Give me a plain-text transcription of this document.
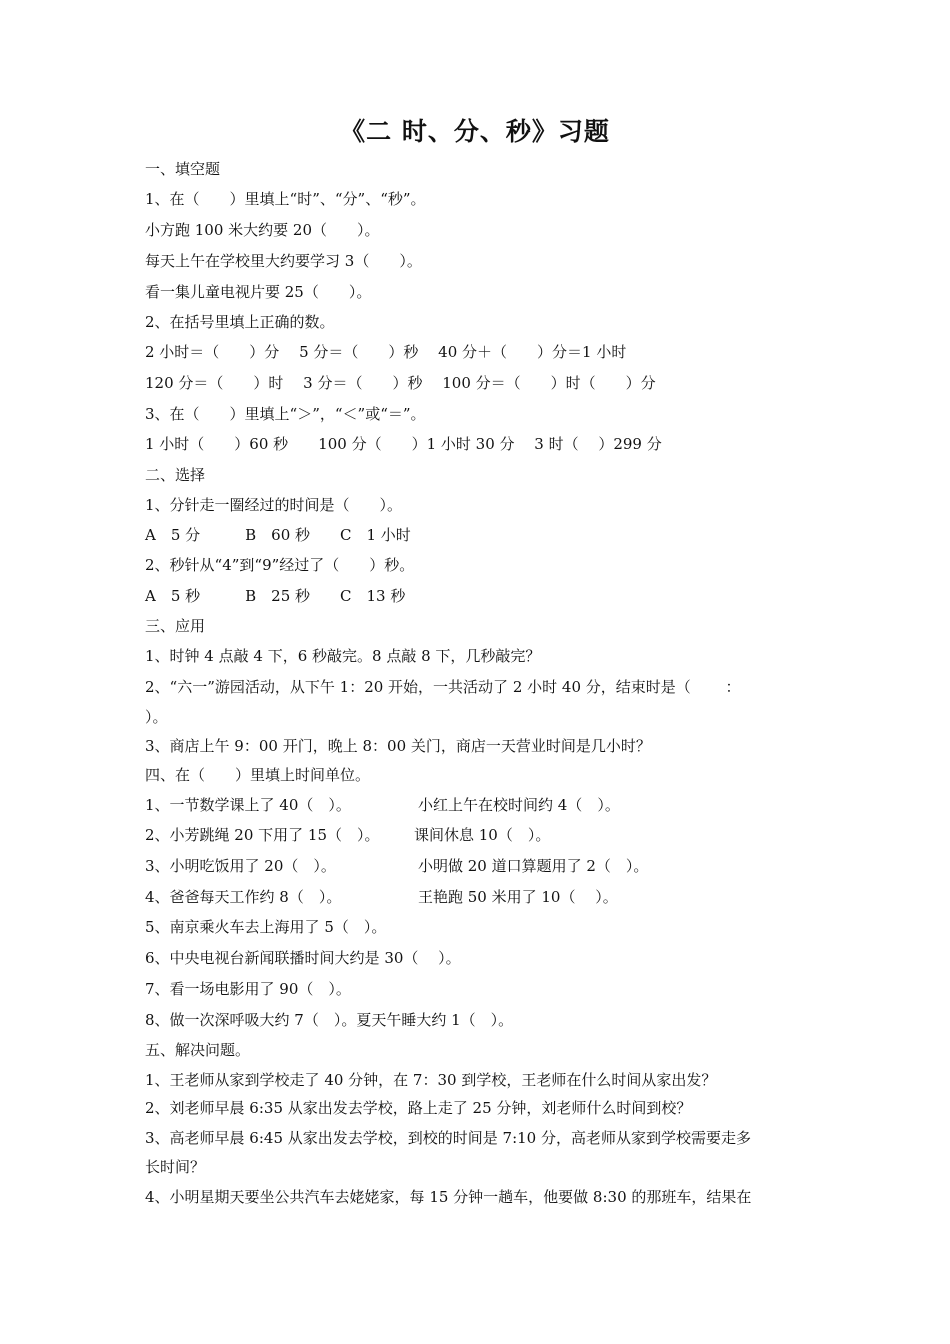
《二 时、分、秒》习题
一、填空题
1、在（　　）里填上“时”、“分”、“秒”。
小方跑 100 米大约要 20（　　）。
每天上午在学校里大约要学习 3（　　）。
看一集儿童电视片要 25（　　）。
2、在括号里填上正确的数。
2 小时＝（　　）分　 5 分＝（　　）秒　 40 分＋（　　）分＝1 小时
120 分＝（　　）时　 3 分＝（　　）秒　 100 分＝（　　）时（　　）分
3、在（　　）里填上“＞”，“＜”或“＝”。
1 小时（　　）60 秒　　100 分（　　）1 小时 30 分　 3 时（　 ）299 分
二、选择
1、分针走一圈经过的时间是（　　）。
A　5 分　　　B　60 秒　　C　1 小时
2、秒针从“4”到“9”经过了（　　）秒。
A　5 秒　　　B　25 秒　　C　13 秒
三、应用
1、时钟 4 点敲 4 下，6 秒敲完。8 点敲 8 下，几秒敲完？
2、“六一”游园活动，从下午 1：20 开始，一共活动了 2 小时 40 分，结束时是（　　 ：
）。
3、商店上午 9：00 开门，晚上 8：00 关门，商店一天营业时间是几小时？
四、在（　　）里填上时间单位。
1、一节数学课上了 40（　）。	小红上午在校时间约 4（　）。
2、小芳跳绳 20 下用了 15（　）。 课间休息 10（　）。
3、小明吃饭用了 20（　）。	小明做 20 道口算题用了 2（　）。
4、爸爸每天工作约 8（　）。	王艳跑 50 米用了 10（　 ）。
5、南京乘火车去上海用了 5（　）。
6、中央电视台新闻联播时间大约是 30（　 ）。
7、看一场电影用了 90（　）。
8、做一次深呼吸大约 7（　）。夏天午睡大约 1（　）。
五、解决问题。
1、王老师从家到学校走了 40 分钟，在 7：30 到学校，王老师在什么时间从家出发？
2、刘老师早晨 6:35 从家出发去学校，路上走了 25 分钟，刘老师什么时间到校？
3、高老师早晨 6:45 从家出发去学校，到校的时间是 7:10 分，高老师从家到学校需要走多
长时间？
4、小明星期天要坐公共汽车去姥姥家，每 15 分钟一趟车，他要做 8:30 的那班车，结果在
